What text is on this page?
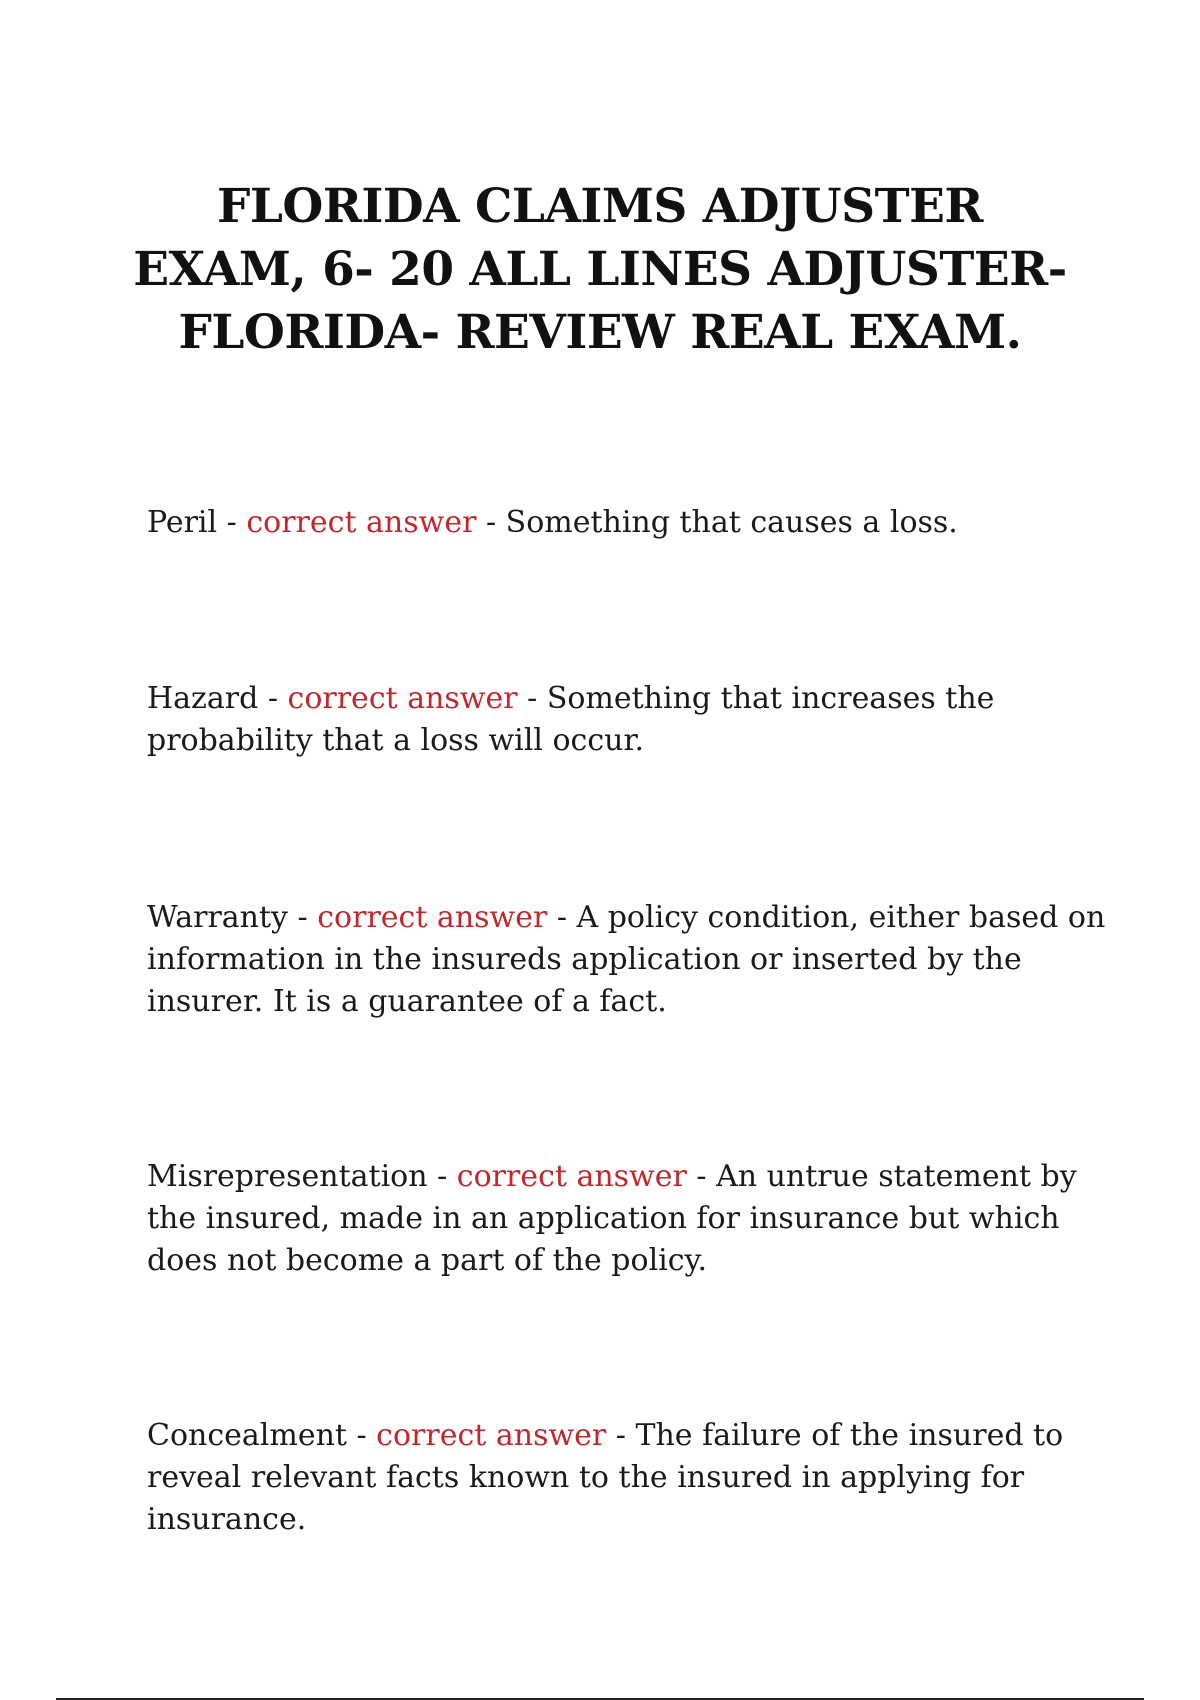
FLORIDA CLAIMS ADJUSTER
EXAM, 6- 20 ALL LINES ADJUSTER-
FLORIDA- REVIEW REAL EXAM.

Peril - correct answer - Something that causes a loss.

Hazard - correct answer - Something that increases the
probability that a loss will occur.

Warranty - correct answer - A policy condition, either based on
information in the insureds application or inserted by the
insurer. It is a guarantee of a fact.

Misrepresentation - correct answer - An untrue statement by
the insured, made in an application for insurance but which
does not become a part of the policy.

Concealment - correct answer - The failure of the insured to
reveal relevant facts known to the insured in applying for
insurance.
